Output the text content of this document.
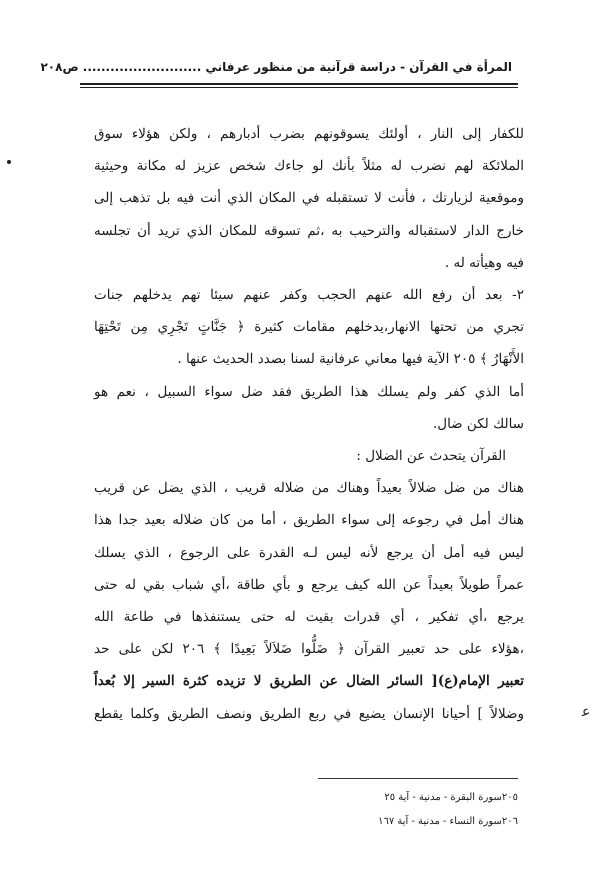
المرأة في القرآن - دراسة قرآنية من منظور عرفاني .......................... ص٢٠٨
للكفار إلى النار ، أولئك يسوقونهم بضرب أدبارهم ، ولكن هؤلاء سوق
الملائكة لهم نضرب له مثلاً بأنك لو جاءك شخص عزيز له مكانة وحيثية
وموقعية لزيارتك ، فأنت لا تستقبله في المكان الذي أنت فيه بل تذهب إلى
خارج الدار لاستقباله والترحيب به ،ثم تسوقه للمكان الذي تريد أن تجلسه
فيه وهيأته له .
٢- بعد أن رفع الله عنهم الحجب وكفر عنهم سيئا تهم يدخلهم جنات
تجري من تحتها الانهار،يدخلهم مقامات كثيرة ﴿ جَنَّاتٍ تَجْرِي مِن تَحْتِهَا
الأَنْهَارُ ﴾ ٢٠٥ الآية فيها معاني عرفانية لسنا بصدد الحديث عنها .
أما الذي كفر ولم يسلك هذا الطريق فقد ضل سواء السبيل ، نعم هو
سالك لكن ضال.
القرآن يتحدث عن الضلال :
هناك من ضل ضلالاً بعيداً وهناك من ضلاله قريب ، الذي يضل عن قريب
هناك أمل في رجوعه إلى سواء الطريق ، أما من كان ضلاله بعيد جدا هذا
ليس فيه أمل أن يرجع لأنه ليس لـه القدرة على الرجوع ، الذي يسلك
عمراً طويلاً بعيداً عن الله كيف يرجع و بأي طاقة ،أي شباب بقي له حتى
يرجع ،أي تفكير ، أي قدرات بقيت له حتى يستنفذها في طاعة الله
،هؤلاء على حد تعبير القرآن ﴿ ضَلُّوا ضَلاَلاً بَعِيدًا ﴾ ٢٠٦ لكن على حد
تعبير الإمام(ع)[ السائر الضال عن الطريق لا تزيده كثرة السير إلا بُعداً
وضلالاً ] أحيانا الإنسان يضيع في ربع الطريق ونصف الطريق وكلما يقطع	ﻋ
٢٠٥سورة البقرة - مدنية - آية ٢٥
٢٠٦سورة النساء - مدنية - آية ١٦٧
